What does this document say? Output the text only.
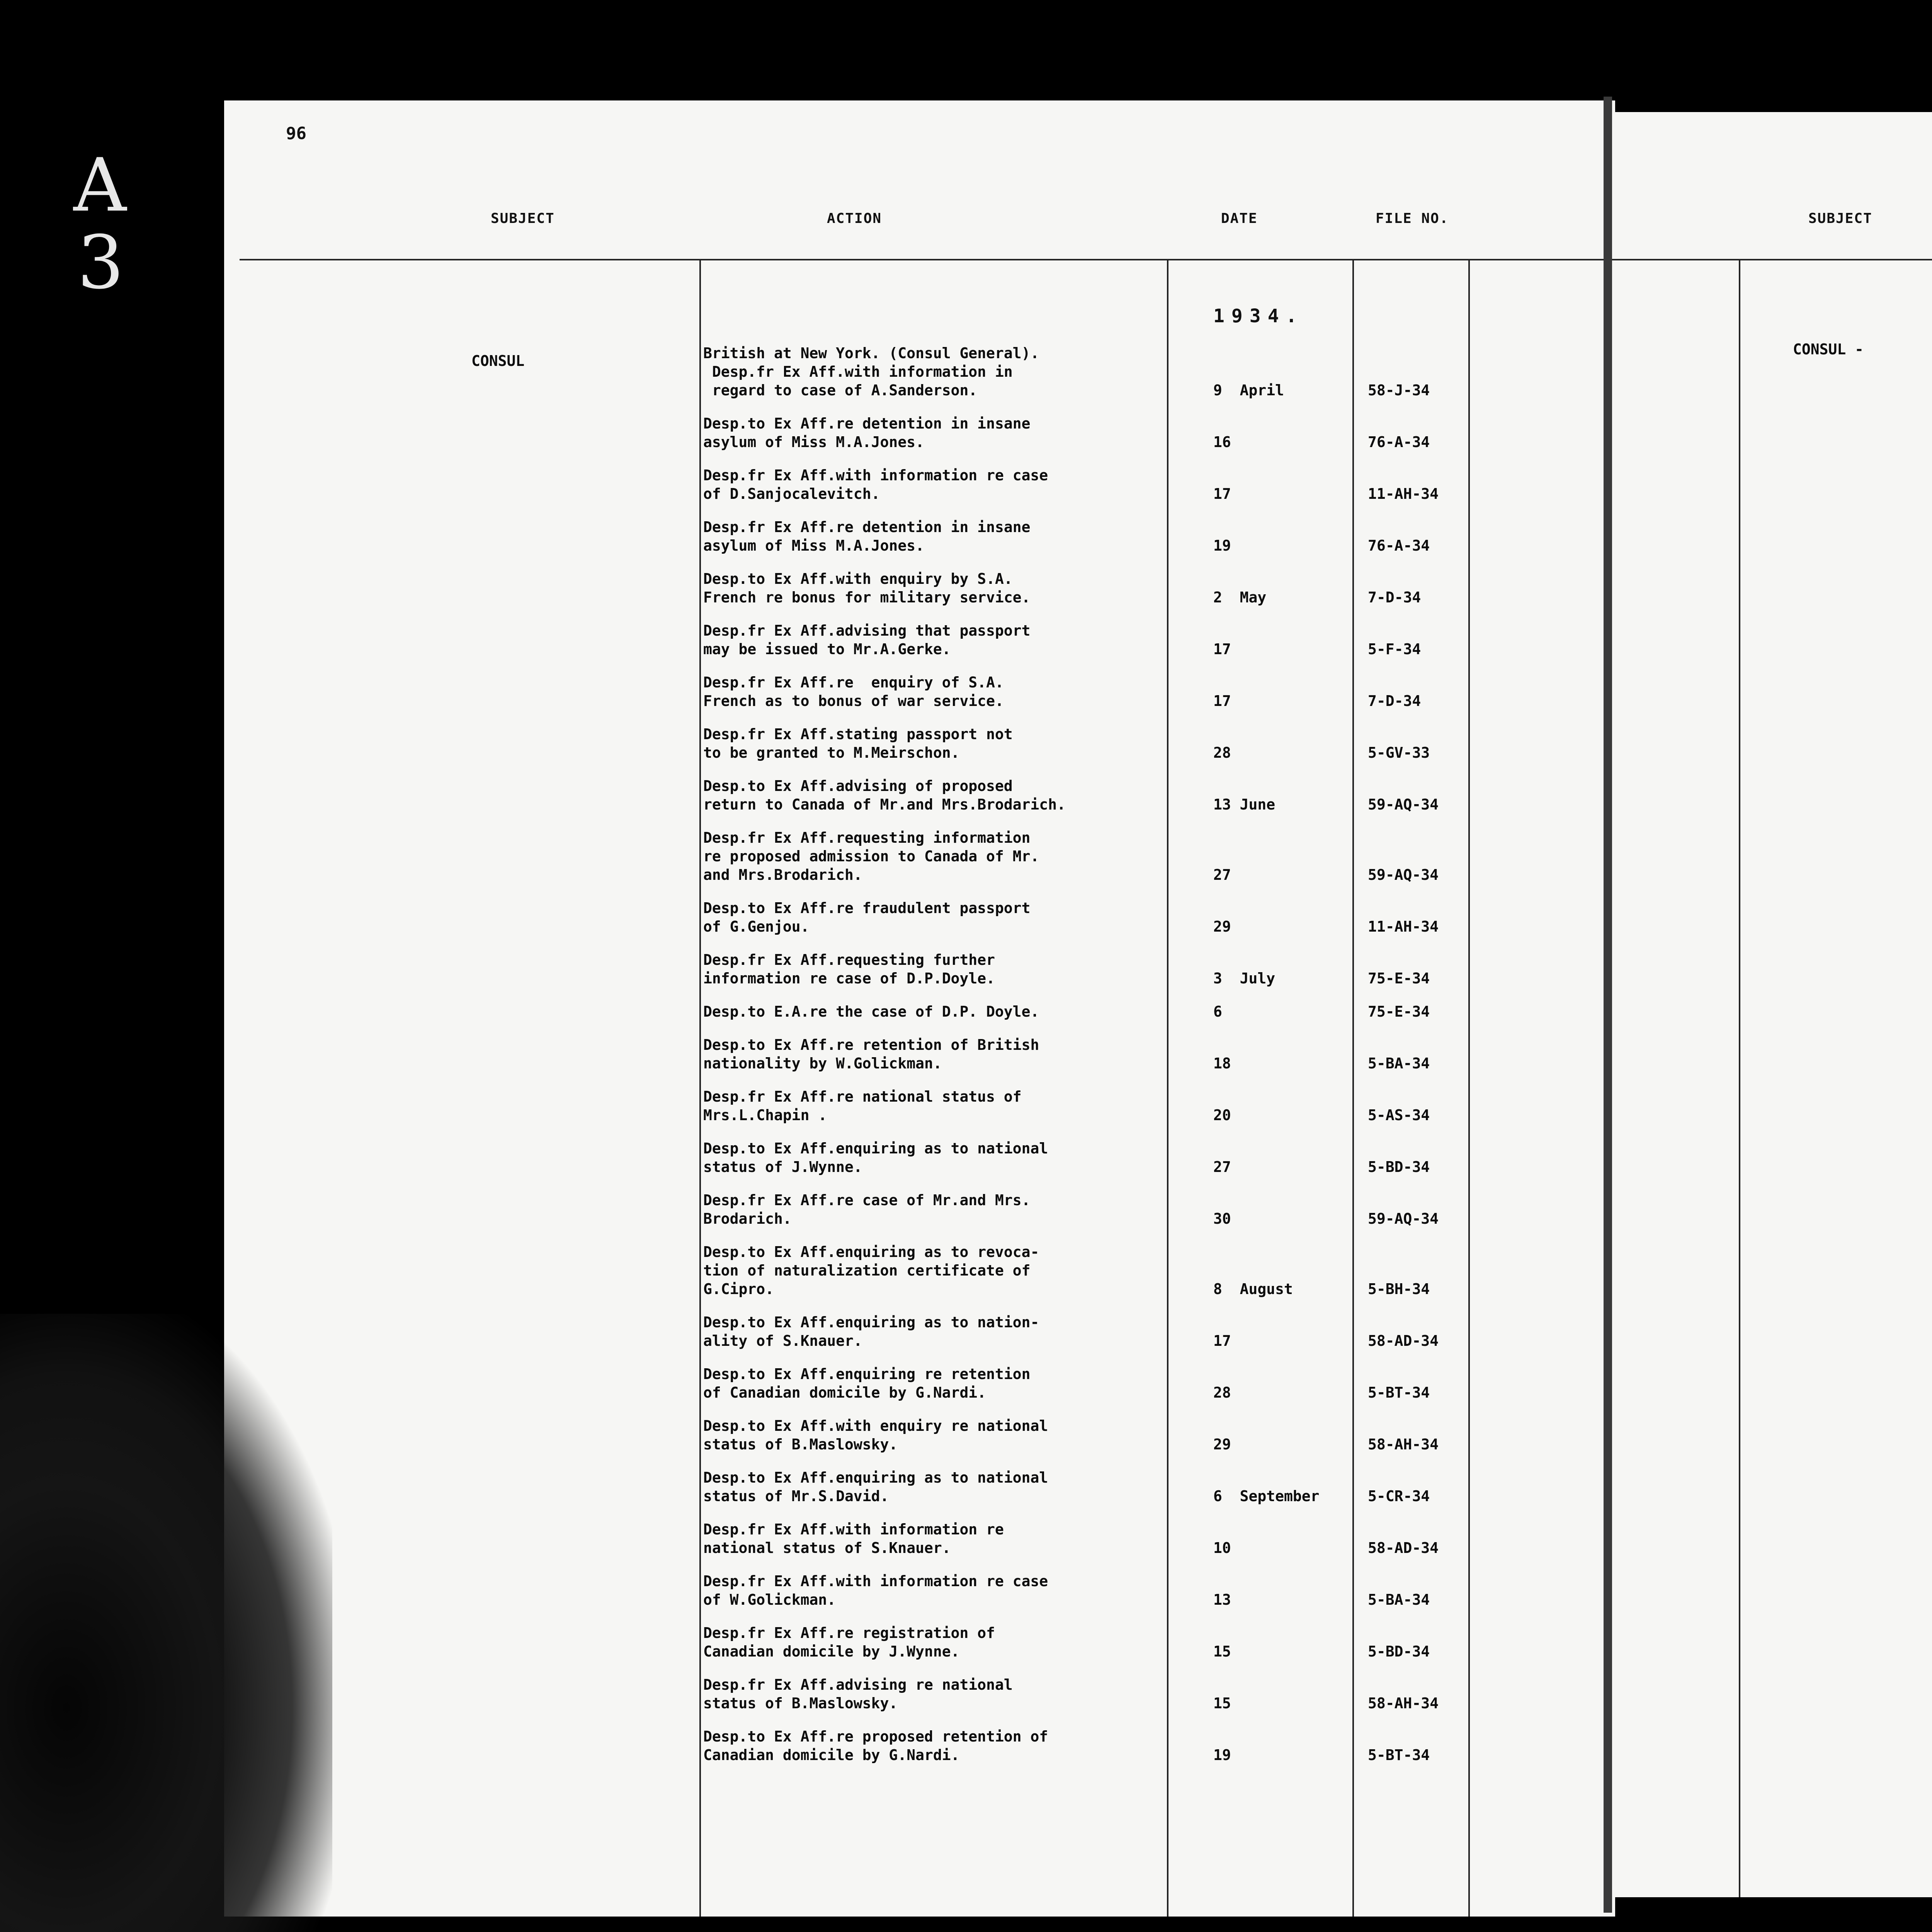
A
3
96
SUBJECT	ACTION	DATE	FILE NO.
1934.
CONSUL	British at New York. (Consul General).
Desp.fr Ex Aff.with information in
regard to case of A.Sanderson.	9  April	58-J-34
Desp.to Ex Aff.re detention in insane
asylum of Miss M.A.Jones.	16	76-A-34
Desp.fr Ex Aff.with information re case
of D.Sanjocalevitch.	17	11-AH-34
Desp.fr Ex Aff.re detention in insane
asylum of Miss M.A.Jones.	19	76-A-34
Desp.to Ex Aff.with enquiry by S.A.
French re bonus for military service.	2  May	7-D-34
Desp.fr Ex Aff.advising that passport
may be issued to Mr.A.Gerke.	17	5-F-34
Desp.fr Ex Aff.re  enquiry of S.A.
French as to bonus of war service.	17	7-D-34
Desp.fr Ex Aff.stating passport not
to be granted to M.Meirschon.	28	5-GV-33
Desp.to Ex Aff.advising of proposed
return to Canada of Mr.and Mrs.Brodarich.	13 June	59-AQ-34
Desp.fr Ex Aff.requesting information
re proposed admission to Canada of Mr.
and Mrs.Brodarich.	27	59-AQ-34
Desp.to Ex Aff.re fraudulent passport
of G.Genjou.	29	11-AH-34
Desp.fr Ex Aff.requesting further
information re case of D.P.Doyle.	3  July	75-E-34
Desp.to E.A.re the case of D.P. Doyle.	6	75-E-34
Desp.to Ex Aff.re retention of British
nationality by W.Golickman.	18	5-BA-34
Desp.fr Ex Aff.re national status of
Mrs.L.Chapin .	20	5-AS-34
Desp.to Ex Aff.enquiring as to national
status of J.Wynne.	27	5-BD-34
Desp.fr Ex Aff.re case of Mr.and Mrs.
Brodarich.	30	59-AQ-34
Desp.to Ex Aff.enquiring as to revoca-
tion of naturalization certificate of
G.Cipro.	8  August	5-BH-34
Desp.to Ex Aff.enquiring as to nation-
ality of S.Knauer.	17	58-AD-34
Desp.to Ex Aff.enquiring re retention
of Canadian domicile by G.Nardi.	28	5-BT-34
Desp.to Ex Aff.with enquiry re national
status of B.Maslowsky.	29	58-AH-34
Desp.to Ex Aff.enquiring as to national
status of Mr.S.David.	6  September	5-CR-34
Desp.fr Ex Aff.with information re
national status of S.Knauer.	10	58-AD-34
Desp.fr Ex Aff.with information re case
of W.Golickman.	13	5-BA-34
Desp.fr Ex Aff.re registration of
Canadian domicile by J.Wynne.	15	5-BD-34
Desp.fr Ex Aff.advising re national
status of B.Maslowsky.	15	58-AH-34
Desp.to Ex Aff.re proposed retention of
Canadian domicile by G.Nardi.	19	5-BT-34
SUBJECT
CONSUL -
